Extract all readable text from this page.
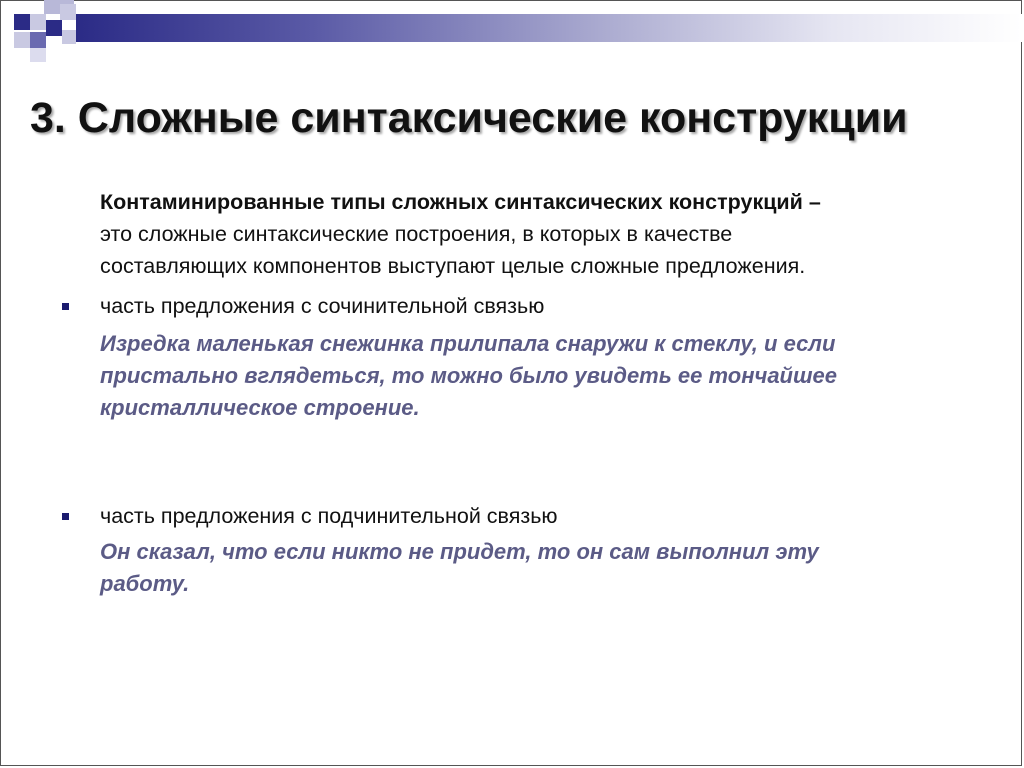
3. Сложные синтаксические конструкции
Контаминированные типы сложных синтаксических конструкций –
это сложные синтаксические построения, в которых в качестве
составляющих компонентов выступают целые сложные предложения.
часть предложения с сочинительной связью
Изредка маленькая снежинка прилипала снаружи к стеклу, и если
пристально вглядеться, то можно было увидеть ее тончайшее
кристаллическое строение.
часть предложения с подчинительной связью
Он сказал, что если никто не придет, то он сам выполнил эту
работу.
